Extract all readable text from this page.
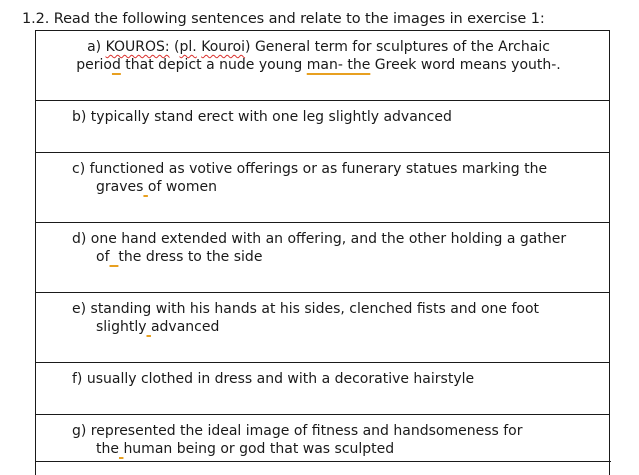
1.2. Read the following sentences and relate to the images in exercise 1:
a) KOUROS: (pl. Kouroi) General term for sculptures of the Archaic
period that depict a nude young man- the Greek word means youth-.

b) typically stand erect with one leg slightly advanced

c) functioned as votive offerings or as funerary statues marking the
graves of women

d) one hand extended with an offering, and the other holding a gather
of the dress to the side

e) standing with his hands at his sides, clenched fists and one foot
slightly advanced

f) usually clothed in dress and with a decorative hairstyle

g) represented the ideal image of fitness and handsomeness for
the human being or god that was sculpted
